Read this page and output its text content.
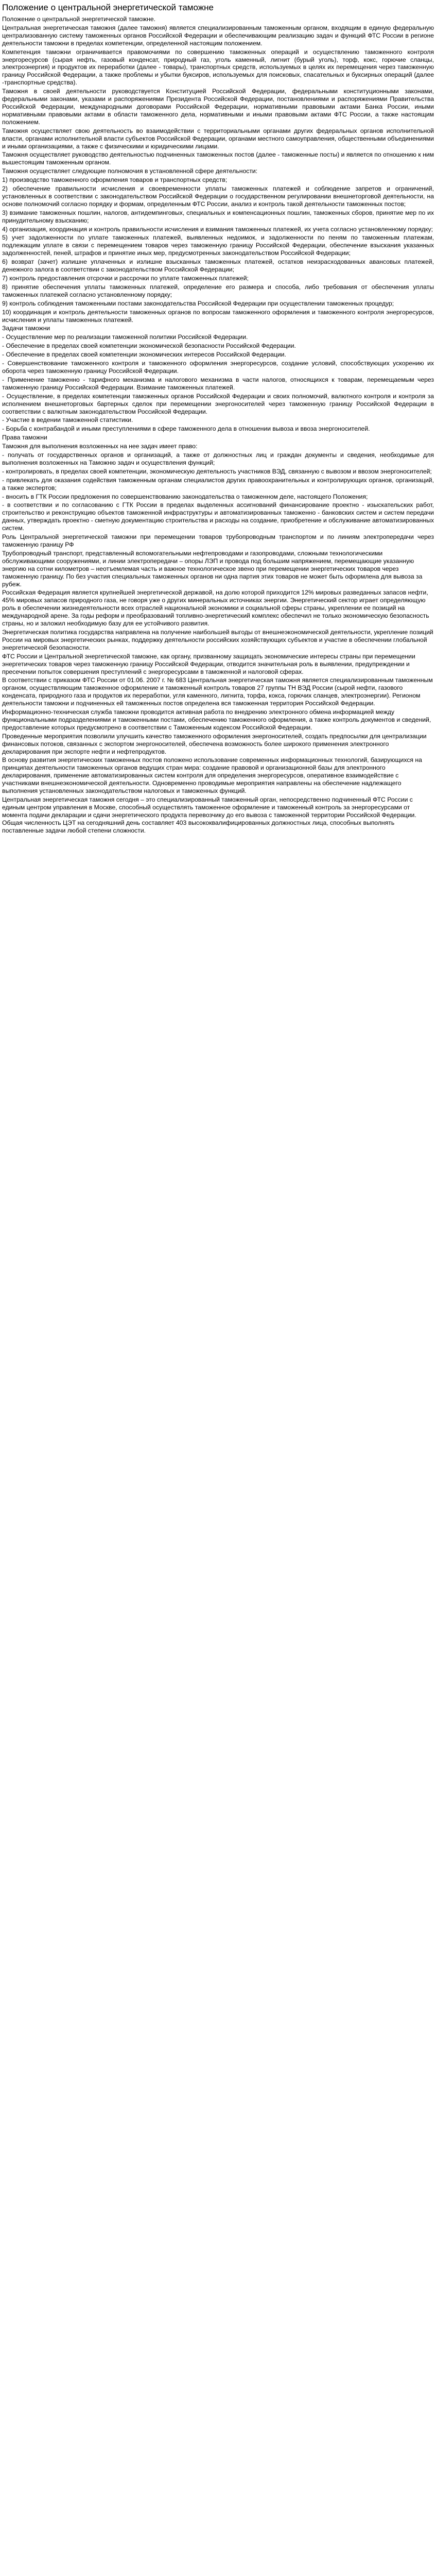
Положение о центральной энергетической таможне

Положение о центральной энергетической таможне.

Центральная энергетическая таможня (далее таможня) является специализированным таможенным органом, входящим в единую федеральную централизованную систему таможенных органов Российской Федерации и обеспечивающим реализацию задач и функций ФТС России в регионе деятельности таможни в пределах компетенции, определенной настоящим положением.

Компетенция таможни ограничивается правомочиями по совершению таможенных операций и осуществлению таможенного контроля энергоресурсов (сырая нефть, газовый конденсат, природный газ, уголь каменный, лигнит (бурый уголь), торф, кокс, горючие сланцы, электроэнергия) и продуктов их переработки (далее - товары), транспортных средств, используемых в целях их перемещения через таможенную границу Российской Федерации, а также проблемы и убытки буксиров, используемых для поисковых, спасательных и буксирных операций (далее -транспортные средства).

Таможня в своей деятельности руководствуется Конституцией Российской Федерации, федеральными конституционными законами, федеральными законами, указами и распоряжениями Президента Российской Федерации, постановлениями и распоряжениями Правительства Российской Федерации, международными договорами Российской Федерации, нормативными правовыми актами Банка России, иными нормативными правовыми актами в области таможенного дела, нормативными и иными правовыми актами ФТС России, а также настоящим положением.

Таможня осуществляет свою деятельность во взаимодействии с территориальными органами других федеральных органов исполнительной власти, органами исполнительной власти субъектов Российской Федерации, органами местного самоуправления, общественными объединениями и иными организациями, а также с физическими и юридическими лицами.

Таможня осуществляет руководство деятельностью подчиненных таможенных постов (далее - таможенные посты) и является по отношению к ним вышестоящим таможенным органом.

Таможня осуществляет следующие полномочия в установленной сфере деятельности:

1) производство таможенного оформления товаров и транспортных средств;

2) обеспечение правильности исчисления и своевременности уплаты таможенных платежей и соблюдение запретов и ограничений, установленных в соответствии с законодательством Российской Федерации о государственном регулировании внешнеторговой деятельности, на основе полномочий согласно порядку и формам, определенным ФТС России, анализ и контроль такой деятельности таможенных постов;

3) взимание таможенных пошлин, налогов, антидемпинговых, специальных и компенсационных пошлин, таможенных сборов, принятие мер по их принудительному взысканию;

4) организация, координация и контроль правильности исчисления и взимания таможенных платежей, их учета согласно установленному порядку;

5) учет задолженности по уплате таможенных платежей, выявленных недоимок, и задолженности по пеням по таможенным платежам, подлежащим уплате в связи с перемещением товаров через таможенную границу Российской Федерации, обеспечение взыскания указанных задолженностей, пеней, штрафов и принятие иных мер, предусмотренных законодательством Российской Федерации;

6) возврат (зачет) излишне уплаченных и излишне взысканных таможенных платежей, остатков неизрасходованных авансовых платежей, денежного залога в соответствии с законодательством Российской Федерации;

7) контроль предоставления отсрочки и рассрочки по уплате таможенных платежей;

8) принятие обеспечения уплаты таможенных платежей, определение его размера и способа, либо требования от обеспечения уплаты таможенных платежей согласно установленному порядку;

9) контроль соблюдения таможенными постами законодательства Российской Федерации при осуществлении таможенных процедур;

10) координация и контроль деятельности таможенных органов по вопросам таможенного оформления и таможенного контроля энергоресурсов, исчисления и уплаты таможенных платежей.

Задачи таможни

- Осуществление мер по реализации таможенной политики Российской Федерации.

- Обеспечение в пределах своей компетенции экономической безопасности Российской Федерации.

- Обеспечение в пределах своей компетенции экономических интересов Российской Федерации.

- Совершенствование таможенного контроля и таможенного оформления энергоресурсов, создание условий, способствующих ускорению их оборота через таможенную границу Российской Федерации.

- Применение таможенно - тарифного механизма и налогового механизма в части налогов, относящихся к товарам, перемещаемым через таможенную границу Российской Федерации. Взимание таможенных платежей.

- Осуществление, в пределах компетенции таможенных органов Российской Федерации и своих полномочий, валютного контроля и контроля за исполнением внешнеторговых бартерных сделок при перемещении энергоносителей через таможенную границу Российской Федерации в соответствии с валютным законодательством Российской Федерации.

- Участие в ведении таможенной статистики.

- Борьба с контрабандой и иными преступлениями в сфере таможенного дела в отношении вывоза и ввоза энергоносителей.

Права таможни

Таможня для выполнения возложенных на нее задач имеет право:

- получать от государственных органов и организаций, а также от должностных лиц и граждан документы и сведения, необходимые для выполнения возложенных на Таможню задач и осуществления функций;

- контролировать, в пределах своей компетенции, экономическую деятельность участников ВЭД, связанную с вывозом и ввозом энергоносителей;

- привлекать для оказания содействия таможенным органам специалистов других правоохранительных и контролирующих органов, организаций, а также экспертов;

- вносить в ГТК России предложения по совершенствованию законодательства о таможенном деле, настоящего Положения;

- в соответствии и по согласованию с ГТК России в пределах выделенных ассигнований финансирование проектно - изыскательских работ, строительство и реконструкцию объектов таможенной инфраструктуры и автоматизированных таможенно - банковских систем и систем передачи данных, утверждать проектно - сметную документацию строительства и расходы на создание, приобретение и обслуживание автоматизированных систем.

Роль Центральной энергетической таможни при перемещении товаров трубопроводным транспортом и по линиям электропередачи через таможенную границу РФ

Трубопроводный транспорт, представленный вспомогательными нефтепроводами и газопроводами, сложными технологическими обслуживающими сооружениями, и линии электропередачи – опоры ЛЭП и провода под большим напряжением, перемещающие указанную энергию на сотни километров – неотъемлемая часть и важное технологическое звено при перемещении энергетических товаров через таможенную границу. По без участия специальных таможенных органов ни одна партия этих товаров не может быть оформлена для вывоза за рубеж.

Российская Федерация является крупнейшей энергетической державой, на долю которой приходится 12% мировых разведанных запасов нефти, 45% мировых запасов природного газа, не говоря уже о других минеральных источниках энергии. Энергетический сектор играет определяющую роль в обеспечении жизнедеятельности всех отраслей национальной экономики и социальной сферы страны, укреплении ее позиций на международной арене. За годы реформ и преобразований топливно-энергетический комплекс обеспечил не только экономическую безопасность страны, но и заложил необходимую базу для ее устойчивого развития.

Энергетическая политика государства направлена на получение наибольшей выгоды от внешнеэкономической деятельности, укрепление позиций России на мировых энергетических рынках, поддержку деятельности российских хозяйствующих субъектов и участие в обеспечении глобальной энергетической безопасности.

ФТС России и Центральной энергетической таможне, как органу, призванному защищать экономические интересы страны при перемещении энергетических товаров через таможенную границу Российской Федерации, отводится значительная роль в выявлении, предупреждении и пресечении попыток совершения преступлений с энергоресурсами в таможенной и налоговой сферах.

В соответствии с приказом ФТС России от 01.06. 2007 г. № 683 Центральная энергетическая таможня является специализированным таможенным органом, осуществляющим таможенное оформление и таможенный контроль товаров 27 группы ТН ВЭД России (сырой нефти, газового конденсата, природного газа и продуктов их переработки, угля каменного, лигнита, торфа, кокса, горючих сланцев, электроэнергии). Регионом деятельности таможни и подчиненных ей таможенных постов определена вся таможенная территория Российской Федерации.

Информационно-техническая служба таможни проводится активная работа по внедрению электронного обмена информацией между функциональными подразделениями и таможенными постами, обеспечению таможенного оформления, а также контроль документов и сведений, предоставление которых предусмотрено в соответствии с Таможенным кодексом Российской Федерации.

Проведенные мероприятия позволили улучшить качество таможенного оформления энергоносителей, создать предпосылки для централизации финансовых потоков, связанных с экспортом энергоносителей, обеспечена возможность более широкого применения электронного декларирования при экспорте нефти и нефтепродуктов.

В основу развития энергетических таможенных постов положено использование современных информационных технологий, базирующихся на принципах деятельности таможенных органов ведущих стран мира: создание правовой и организационной базы для электронного декларирования, применение автоматизированных систем контроля для определения энергоресурсов, оперативное взаимодействие с участниками внешнеэкономической деятельности. Одновременно проводимые мероприятия направлены на обеспечение надлежащего выполнения установленных законодательством налоговых и таможенных функций.

Центральная энергетическая таможня сегодня – это специализированный таможенный орган, непосредственно подчиненный ФТС России с единым центром управления в Москве, способный осуществлять таможенное оформление и таможенный контроль за энергоресурсами от момента подачи декларации и сдачи энергетического продукта перевозчику до его вывоза с таможенной территории Российской Федерации. Общая численность ЦЭТ на сегодняшний день составляет 403 высококвалифицированных должностных лица, способных выполнять поставленные задачи любой степени сложности.
